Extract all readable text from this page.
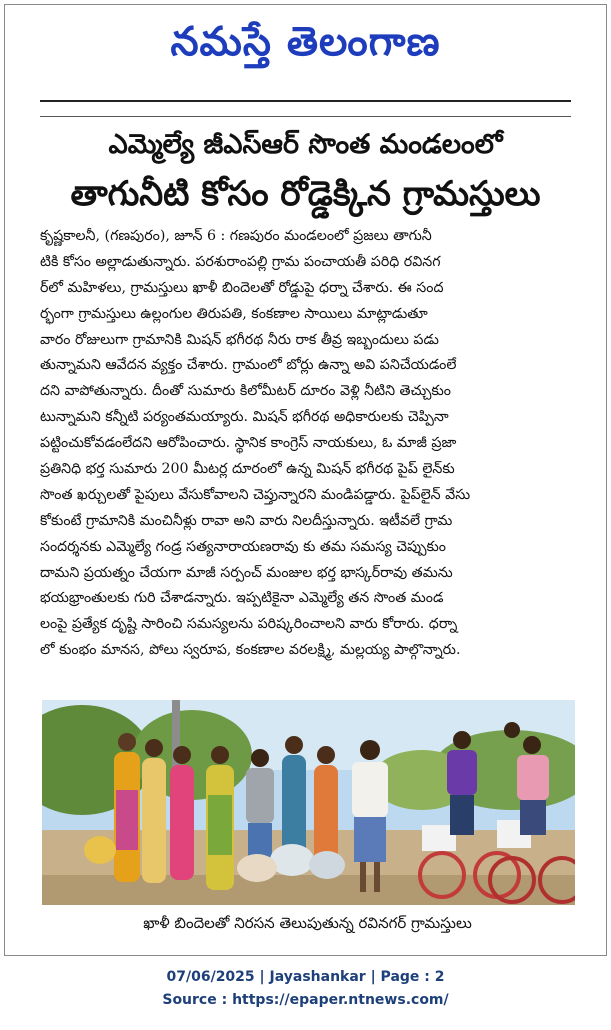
నమస్తే తెలంగాణ
ఎమ్మెల్యే జీఎస్ఆర్ సొంత మండలంలో
తాగునీటి కోసం రోడ్డెక్కిన గ్రామస్తులు
కృష్ణకాలనీ, (గణపురం), జూన్ 6 : గణపురం మండలంలో ప్రజలు తాగునీ
టికి కోసం అల్లాడుతున్నారు. పరశురాంపల్లి గ్రామ పంచాయతీ పరిధి రవినగ
ర్‌లో మహిళలు, గ్రామస్తులు ఖాళీ బిందెలతో రోడ్డుపై ధర్నా చేశారు. ఈ సంద
ర్భంగా గ్రామస్తులు ఉల్లంగుల తిరుపతి, కంకణాల సాయిలు మాట్లాడుతూ
వారం రోజులుగా గ్రామానికి మిషన్ భగీరథ నీరు రాక తీవ్ర ఇబ్బందులు పడు
తున్నామని ఆవేదన వ్యక్తం చేశారు. గ్రామంలో బోర్లు ఉన్నా అవి పనిచేయడంలే
దని వాపోతున్నారు. దీంతో సుమారు కిలోమీటర్ దూరం వెళ్లి నీటిని తెచ్చుకుం
టున్నామని కన్నీటి పర్యంతమయ్యారు. మిషన్ భగీరథ అధికారులకు చెప్పినా
పట్టించుకోవడంలేదని ఆరోపించారు. స్థానిక కాంగ్రెస్ నాయకులు, ఓ మాజీ ప్రజా
ప్రతినిధి భర్త సుమారు 200 మీటర్ల దూరంలో ఉన్న మిషన్ భగీరథ పైప్ లైన్‌కు
సొంత ఖర్చులతో పైపులు వేసుకోవాలని చెప్తున్నారని మండిపడ్డారు. పైప్‌లైన్ వేసు
కోకుంటే గ్రామానికి మంచినీళ్లు రావా అని వారు నిలదీస్తున్నారు. ఇటీవలే గ్రామ
సందర్శనకు ఎమ్మెల్యే గండ్ర సత్యనారాయణరావు కు తమ సమస్య చెప్పుకుం
దామని ప్రయత్నం చేయగా మాజీ సర్పంచ్ మంజుల భర్త భాస్కర్‌రావు తమను
భయభ్రాంతులకు గురి చేశాడన్నారు. ఇప్పటికైనా ఎమ్మెల్యే తన సొంత మండ
లంపై ప్రత్యేక దృష్టి సారించి సమస్యలను పరిష్కరించాలని వారు కోరారు. ధర్నా
లో కుంభం మానస, పోలు స్వరూప, కంకణాల వరలక్ష్మి, మల్లయ్య పాల్గొన్నారు.
ఖాళీ బిందెలతో నిరసన తెలుపుతున్న రవినగర్ గ్రామస్తులు
07/06/2025 | Jayashankar | Page : 2
Source : https://epaper.ntnews.com/
